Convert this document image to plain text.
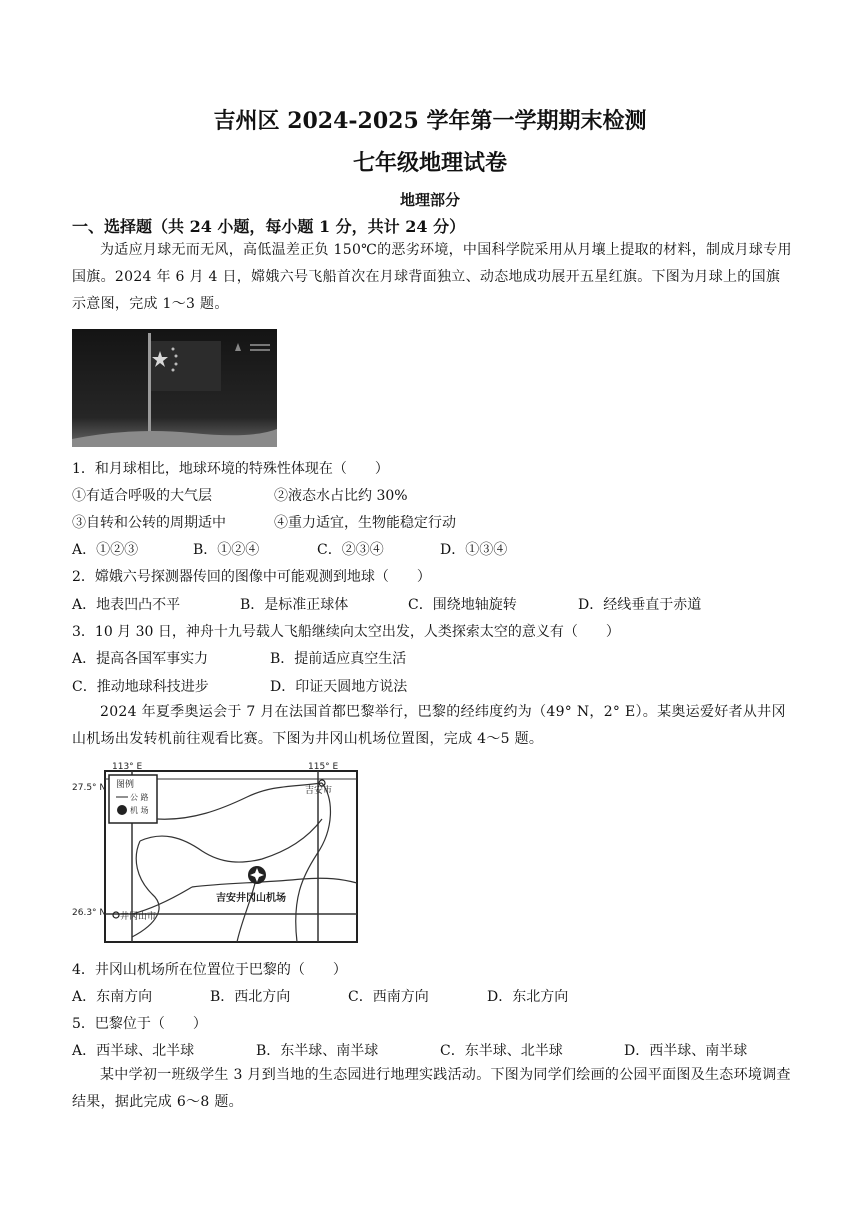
吉州区 2024-2025 学年第一学期期末检测
七年级地理试卷
地理部分
一、选择题（共 24 小题，每小题 1 分，共计 24 分）
为适应月球无而无风，高低温差正负 150℃的恶劣环境，中国科学院采用从月壤上提取的材料，制成月球专用国旗。2024 年 6 月 4 日，嫦娥六号飞船首次在月球背面独立、动态地成功展开五星红旗。下图为月球上的国旗示意图，完成 1～3 题。
1．和月球相比，地球环境的特殊性体现在（　　）
①有适合呼吸的大气层	②液态水占比约 30%
③自转和公转的周期适中	④重力适宜，生物能稳定行动
A．①②③	B．①②④	C．②③④	D．①③④
2．嫦娥六号探测器传回的图像中可能观测到地球（　　）
A．地表凹凸不平	B．是标准正球体	C．围绕地轴旋转	D．经线垂直于赤道
3．10 月 30 日，神舟十九号载人飞船继续向太空出发，人类探索太空的意义有（　　）
A．提高各国军事实力	B．提前适应真空生活
C．推动地球科技进步	D．印证天圆地方说法
2024 年夏季奥运会于 7 月在法国首都巴黎举行，巴黎的经纬度约为（49° N，2° E）。某奥运爱好者从井冈山机场出发转机前往观看比赛。下图为井冈山机场位置图，完成 4～5 题。
113° E	115° E
27.5° N
26.3° N
图例
公 路
机 场
吉安市
吉安井冈山机场
井冈山市
4．井冈山机场所在位置位于巴黎的（　　）
A．东南方向	B．西北方向	C．西南方向	D．东北方向
5．巴黎位于（　　）
A．西半球、北半球	B．东半球、南半球	C．东半球、北半球	D．西半球、南半球
某中学初一班级学生 3 月到当地的生态园进行地理实践活动。下图为同学们绘画的公园平面图及生态环境调查结果，据此完成 6～8 题。
